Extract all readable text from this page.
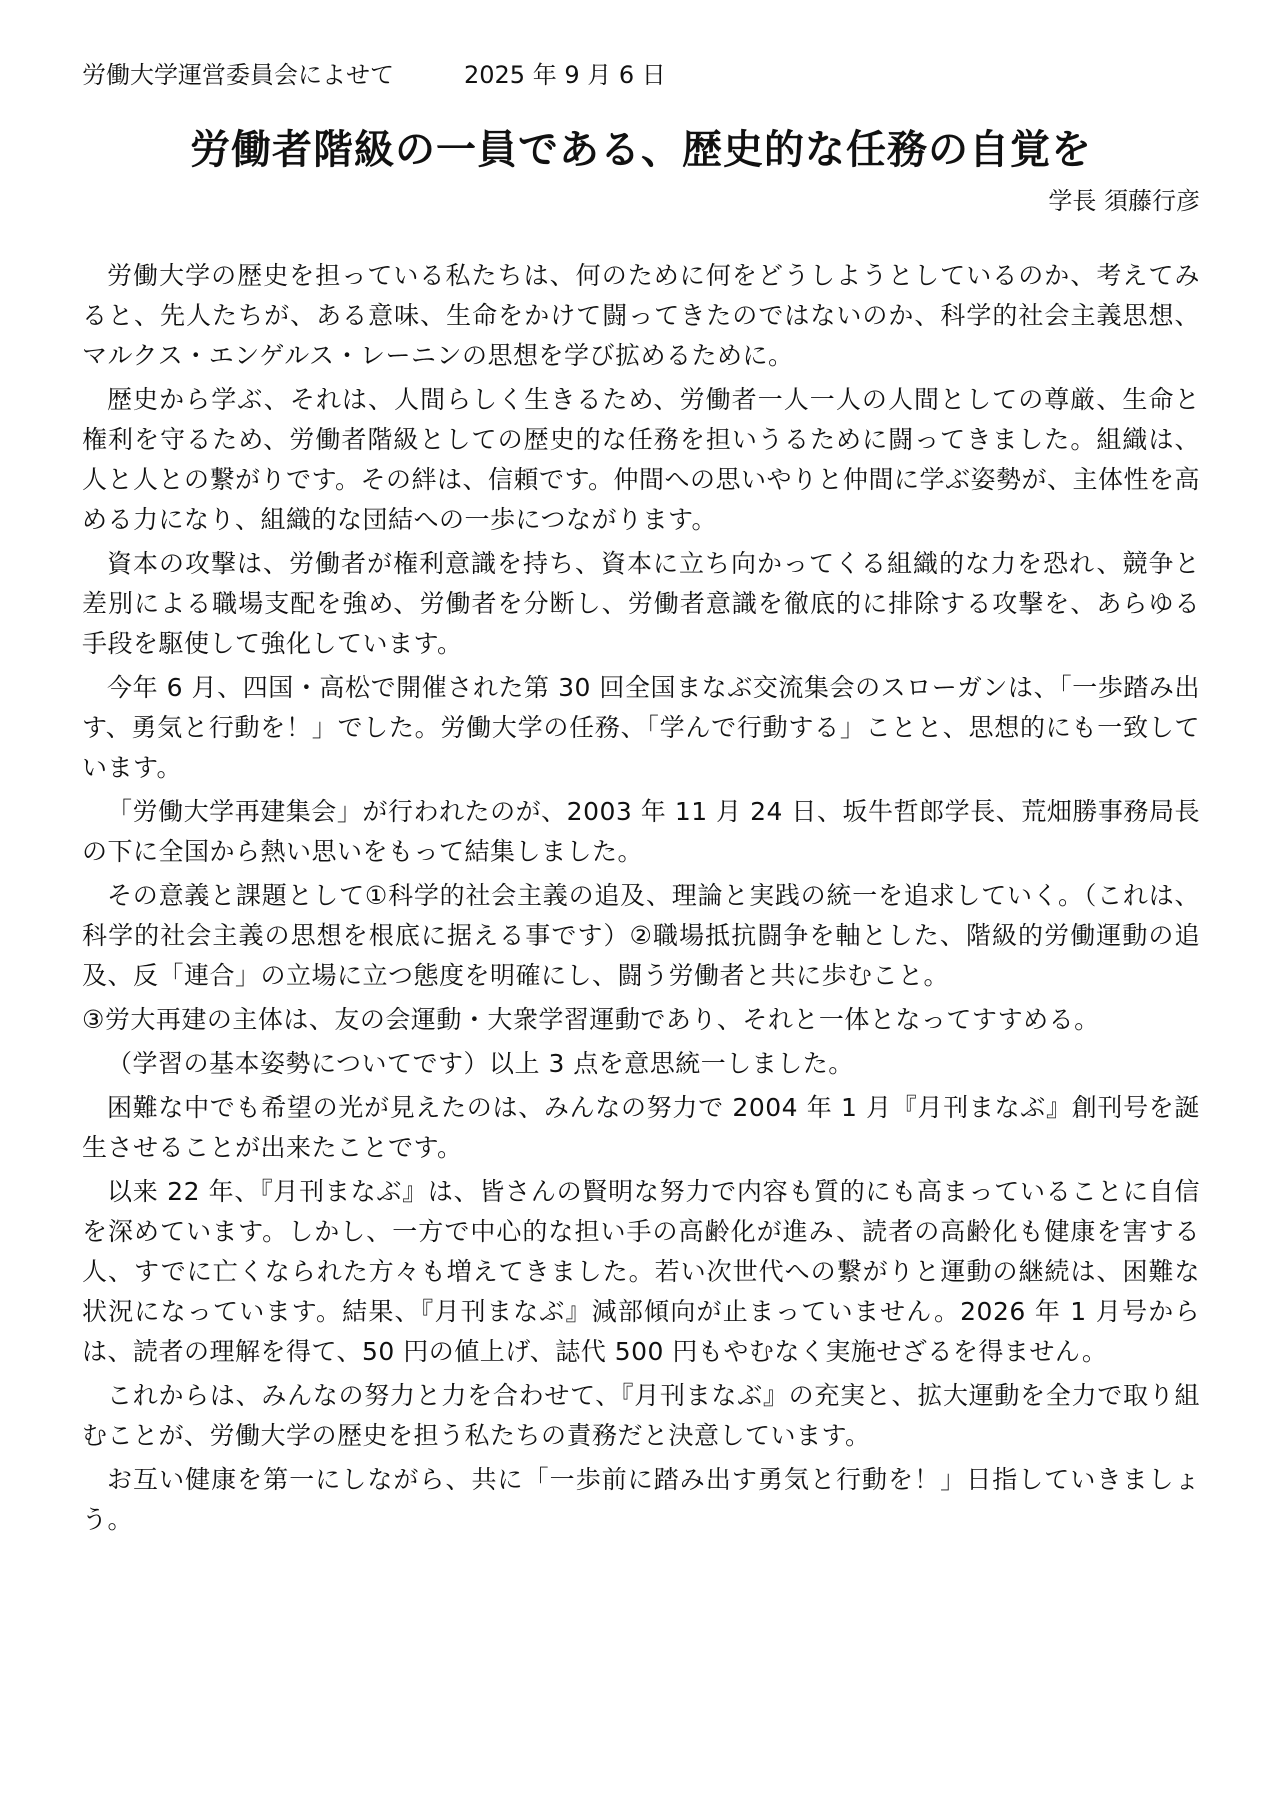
労働大学運営委員会によせて	2025 年 9 月 6 日
労働者階級の一員である、歴史的な任務の自覚を
学長 須藤行彦

労働大学の歴史を担っている私たちは、何のために何をどうしようとしているのか、考えてみると、先人たちが、ある意味、生命をかけて闘ってきたのではないのか、科学的社会主義思想、マルクス・エンゲルス・レーニンの思想を学び拡めるために。

歴史から学ぶ、それは、人間らしく生きるため、労働者一人一人の人間としての尊厳、生命と権利を守るため、労働者階級としての歴史的な任務を担いうるために闘ってきました。組織は、人と人との繋がりです。その絆は、信頼です。仲間への思いやりと仲間に学ぶ姿勢が、主体性を高める力になり、組織的な団結への一歩につながります。

資本の攻撃は、労働者が権利意識を持ち、資本に立ち向かってくる組織的な力を恐れ、競争と差別による職場支配を強め、労働者を分断し、労働者意識を徹底的に排除する攻撃を、あらゆる手段を駆使して強化しています。

今年 6 月、四国・高松で開催された第 30 回全国まなぶ交流集会のスローガンは、「一歩踏み出す、勇気と行動を！」でした。労働大学の任務、「学んで行動する」ことと、思想的にも一致しています。

「労働大学再建集会」が行われたのが、2003 年 11 月 24 日、坂牛哲郎学長、荒畑勝事務局長の下に全国から熱い思いをもって結集しました。

その意義と課題として①科学的社会主義の追及、理論と実践の統一を追求していく。（これは、科学的社会主義の思想を根底に据える事です）②職場抵抗闘争を軸とした、階級的労働運動の追及、反「連合」の立場に立つ態度を明確にし、闘う労働者と共に歩むこと。

③労大再建の主体は、友の会運動・大衆学習運動であり、それと一体となってすすめる。

（学習の基本姿勢についてです）以上 3 点を意思統一しました。

困難な中でも希望の光が見えたのは、みんなの努力で 2004 年 1 月『月刊まなぶ』創刊号を誕生させることが出来たことです。

以来 22 年、『月刊まなぶ』は、皆さんの賢明な努力で内容も質的にも高まっていることに自信を深めています。しかし、一方で中心的な担い手の高齢化が進み、読者の高齢化も健康を害する人、すでに亡くなられた方々も増えてきました。若い次世代への繋がりと運動の継続は、困難な状況になっています。結果、『月刊まなぶ』減部傾向が止まっていません。2026 年 1 月号からは、読者の理解を得て、50 円の値上げ、誌代 500 円もやむなく実施せざるを得ません。

これからは、みんなの努力と力を合わせて、『月刊まなぶ』の充実と、拡大運動を全力で取り組むことが、労働大学の歴史を担う私たちの責務だと決意しています。

お互い健康を第一にしながら、共に「一歩前に踏み出す勇気と行動を！」日指していきましょう。
